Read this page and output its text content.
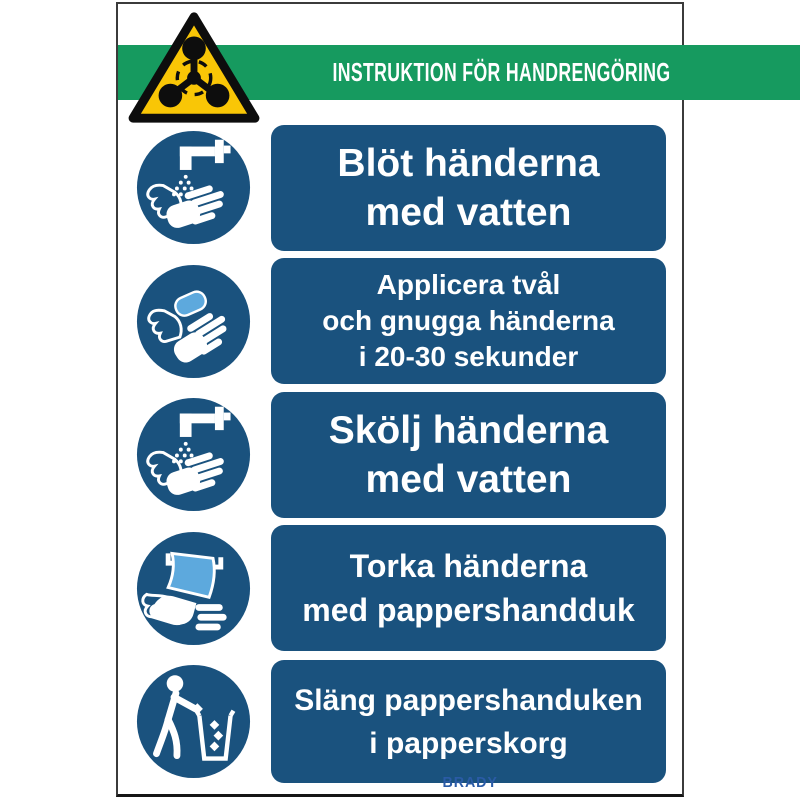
INSTRUKTION FÖR HANDRENGÖRING
Blöt händerna
med vatten
Applicera tvål
och gnugga händerna
i 20-30 sekunder
Skölj händerna
med vatten
Torka händerna
med pappershandduk
Släng pappershanduken
i papperskorg
BRADY
